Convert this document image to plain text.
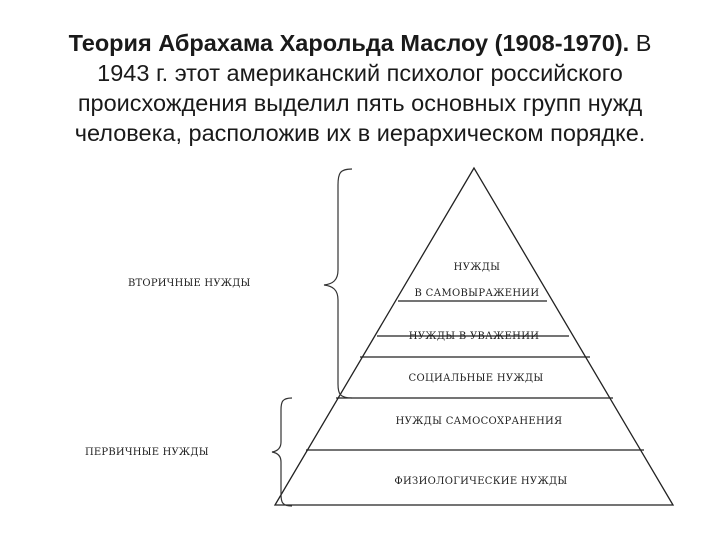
Теория Абрахама Харольда Маслоу (1908-1970). В
1943 г. этот американский психолог российского
происхождения выделил пять основных групп нужд
человека, расположив их в иерархическом порядке.
НУЖДЫ
В САМОВЫРАЖЕНИИ
НУЖДЫ В УВАЖЕНИИ
СОЦИАЛЬНЫЕ НУЖДЫ
НУЖДЫ САМОСОХРАНЕНИЯ
ФИЗИОЛОГИЧЕСКИЕ НУЖДЫ
ВТОРИЧНЫЕ НУЖДЫ
ПЕРВИЧНЫЕ НУЖДЫ
